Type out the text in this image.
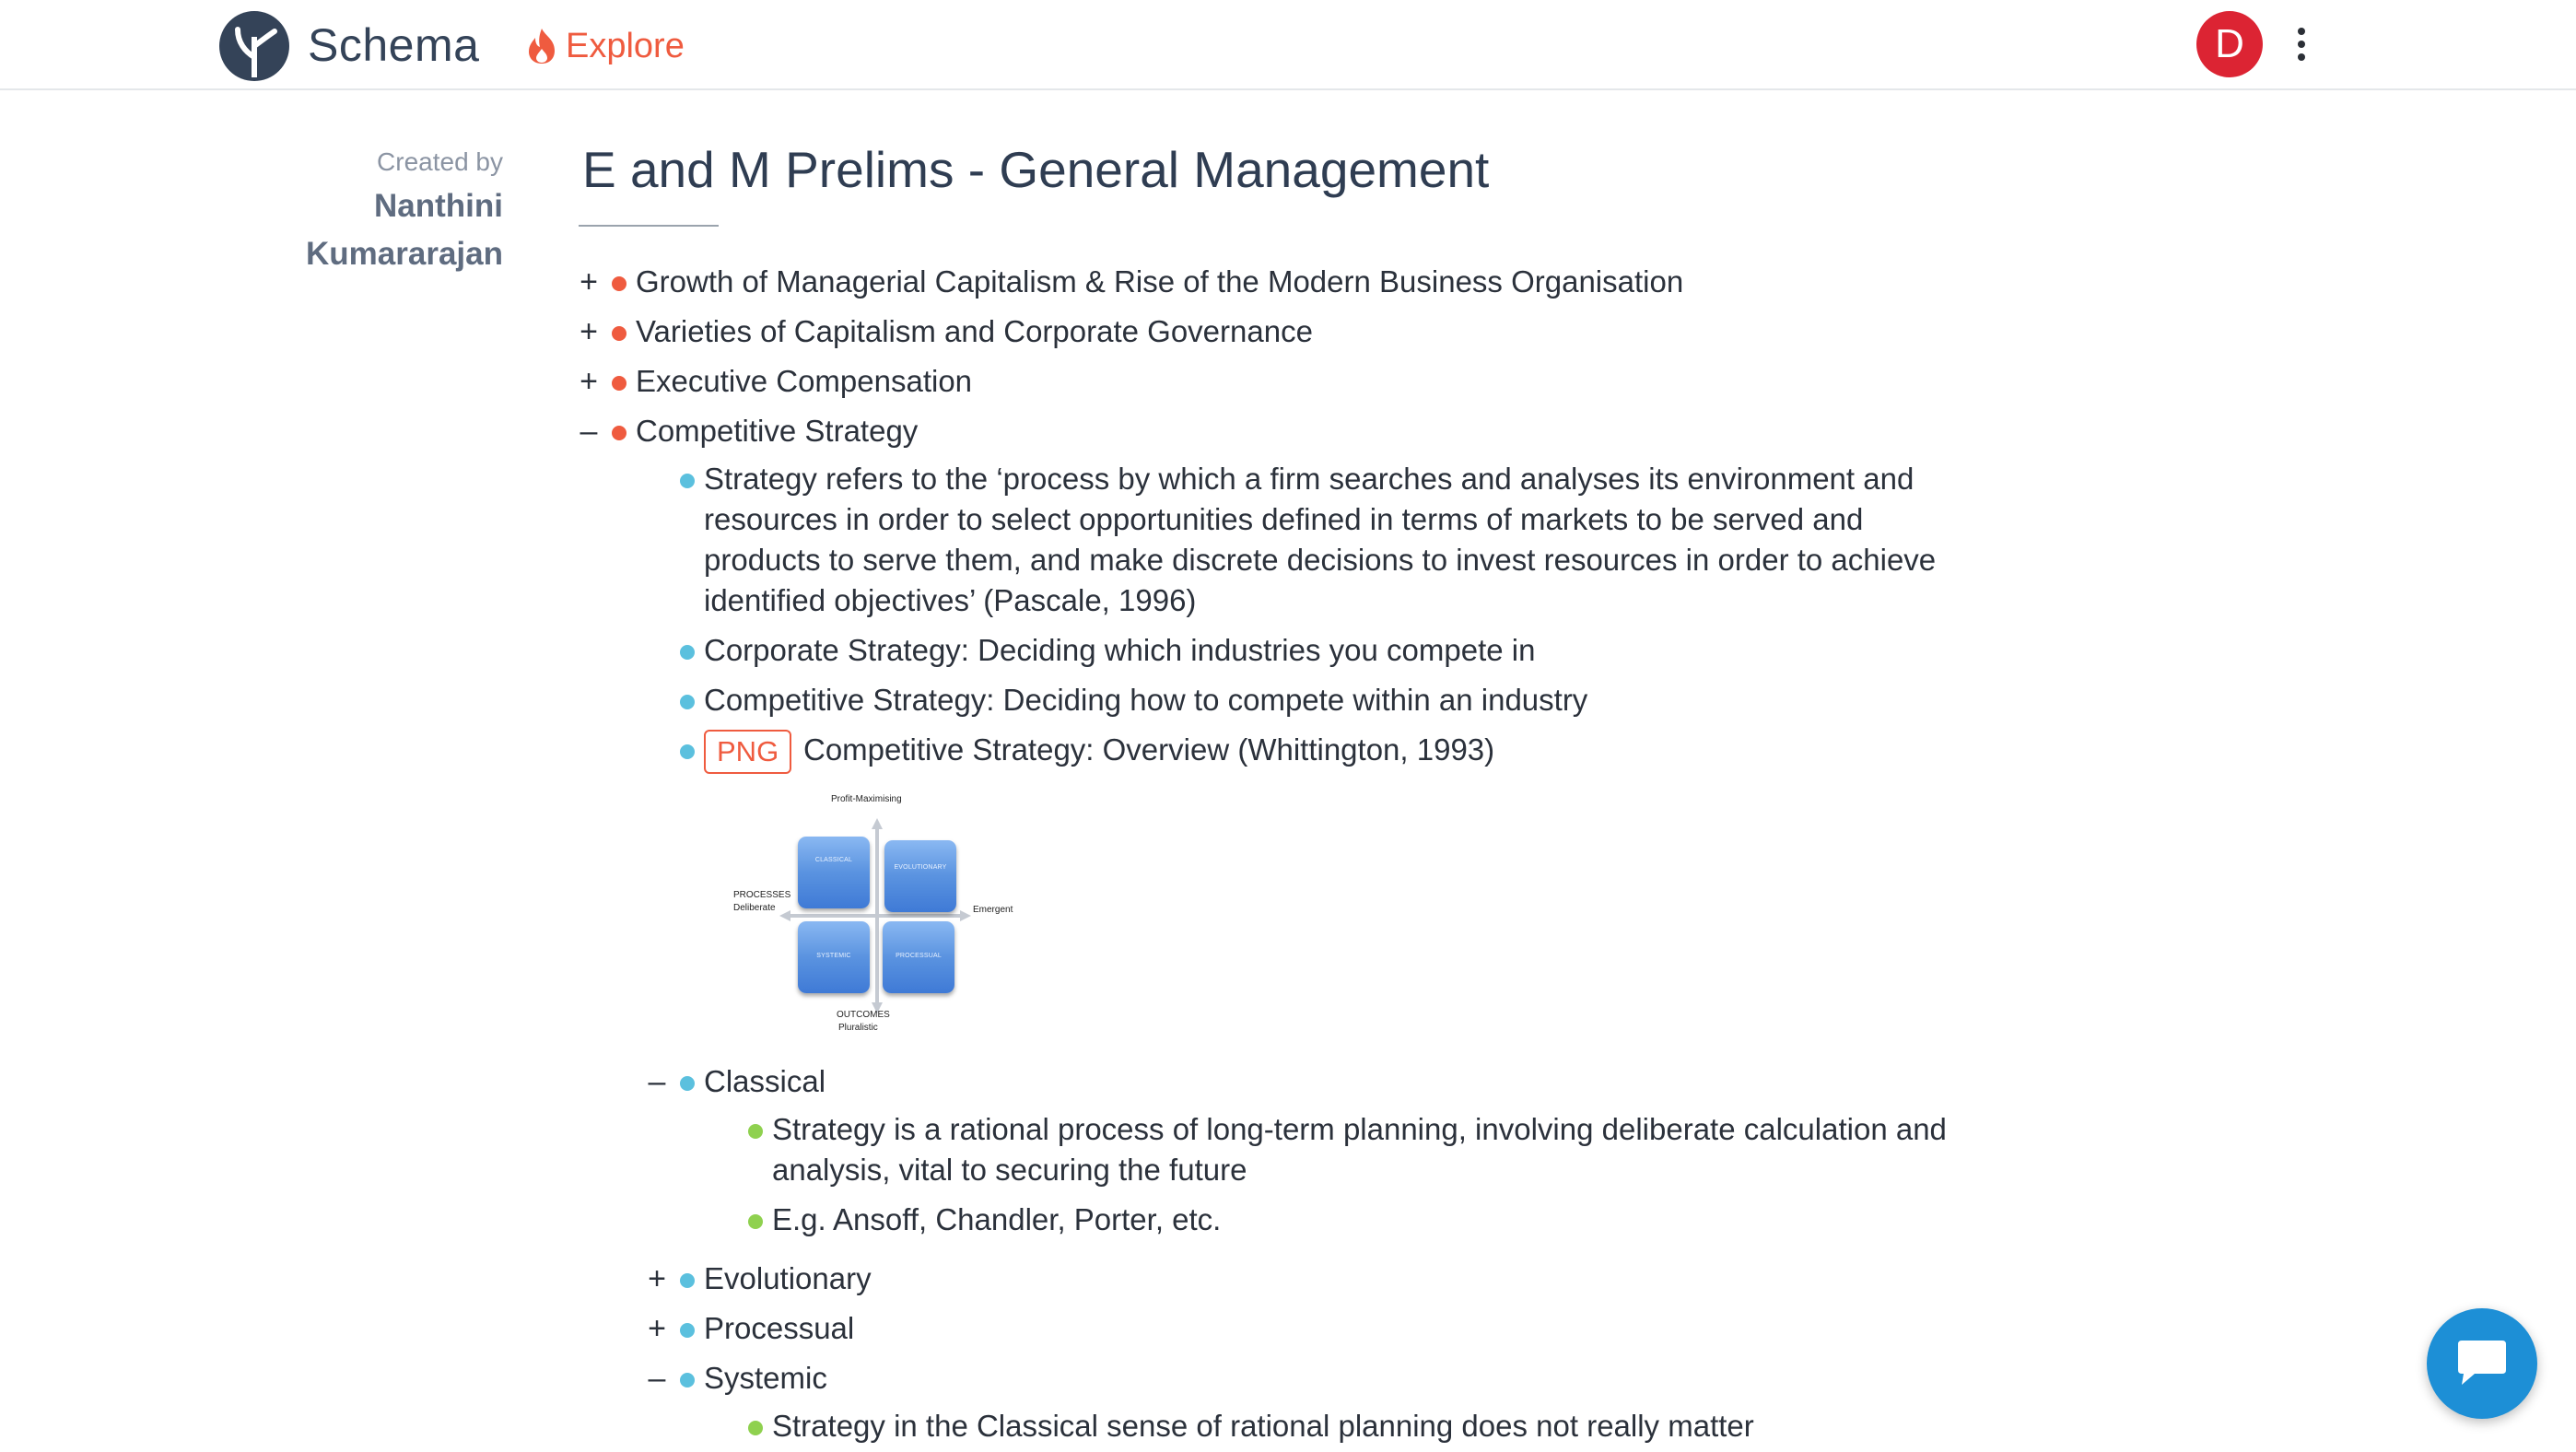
Schema Explore	D
Created by
Nanthini
Kumararajan
E and M Prelims - General Management
+ Growth of Managerial Capitalism & Rise of the Modern Business Organisation
+ Varieties of Capitalism and Corporate Governance
+ Executive Compensation
– Competitive Strategy
Strategy refers to the ‘process by which a firm searches and analyses its environment and resources in order to select opportunities defined in terms of markets to be served and products to serve them, and make discrete decisions to invest resources in order to achieve identified objectives’ (Pascale, 1996)
Corporate Strategy: Deciding which industries you compete in
Competitive Strategy: Deciding how to compete within an industry
PNG Competitive Strategy: Overview (Whittington, 1993)
Profit-Maximising
PROCESSES
Deliberate	Emergent
OUTCOMES
Pluralistic
CLASSICAL
EVOLUTIONARY
SYSTEMIC	PROCESSUAL
– Classical
Strategy is a rational process of long-term planning, involving deliberate calculation and analysis, vital to securing the future
E.g. Ansoff, Chandler, Porter, etc.
+ Evolutionary
+ Processual
– Systemic
Strategy in the Classical sense of rational planning does not really matter
